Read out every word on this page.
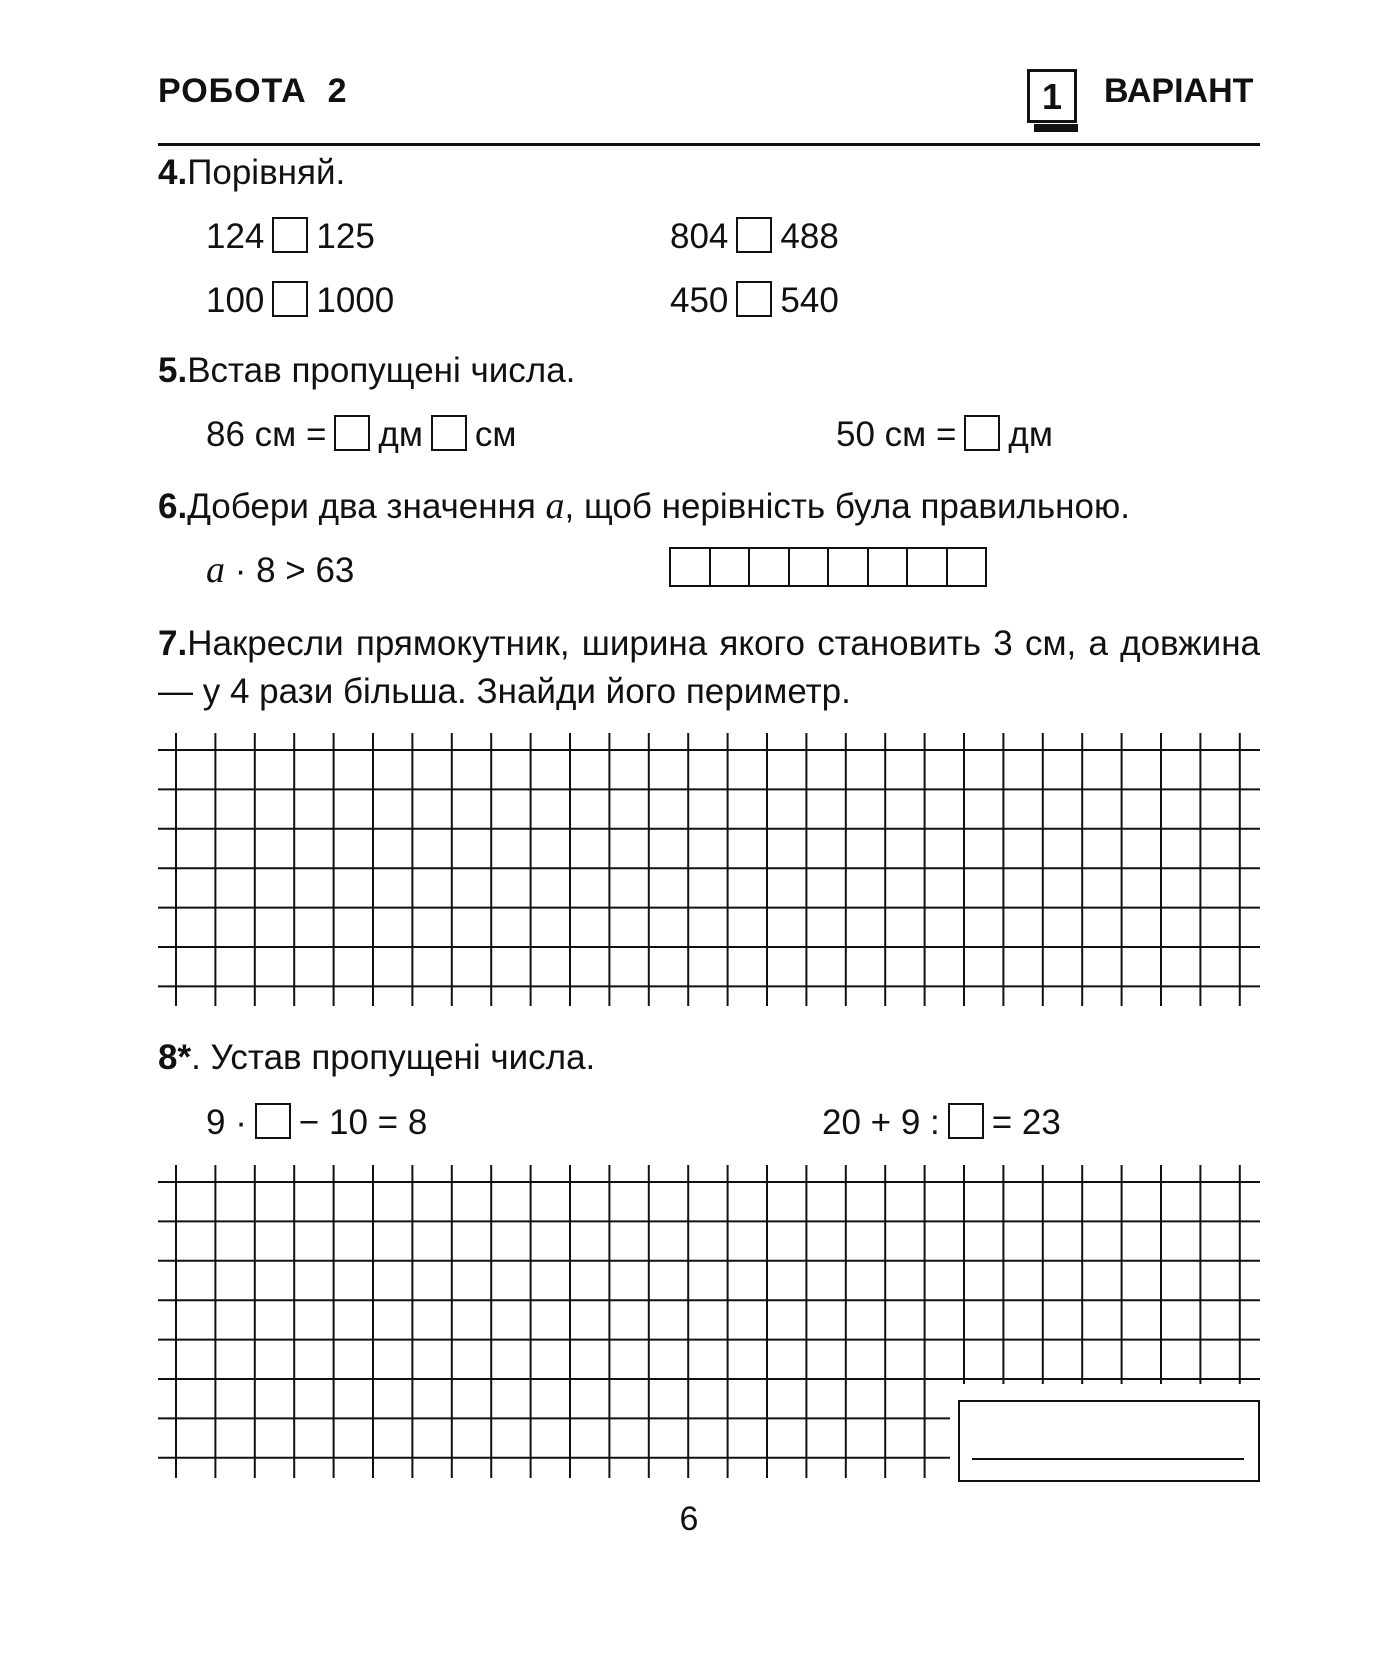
РОБОТА  2	1	ВАРІАНТ
4.Порівняй.
124 125	804 488
100 1000	450 540
5.Встав пропущені числа.
86 см = дм см	50 см = дм
6.Добери два значення a, щоб нерівність була правильною.
a · 8 > 63
7.Накресли прямокутник, ширина якого становить 3 см, а довжина — у 4 рази більша. Знайди його периметр.
8*. Устав пропущені числа.
9 · − 10 = 8	20 + 9 : = 23
6
